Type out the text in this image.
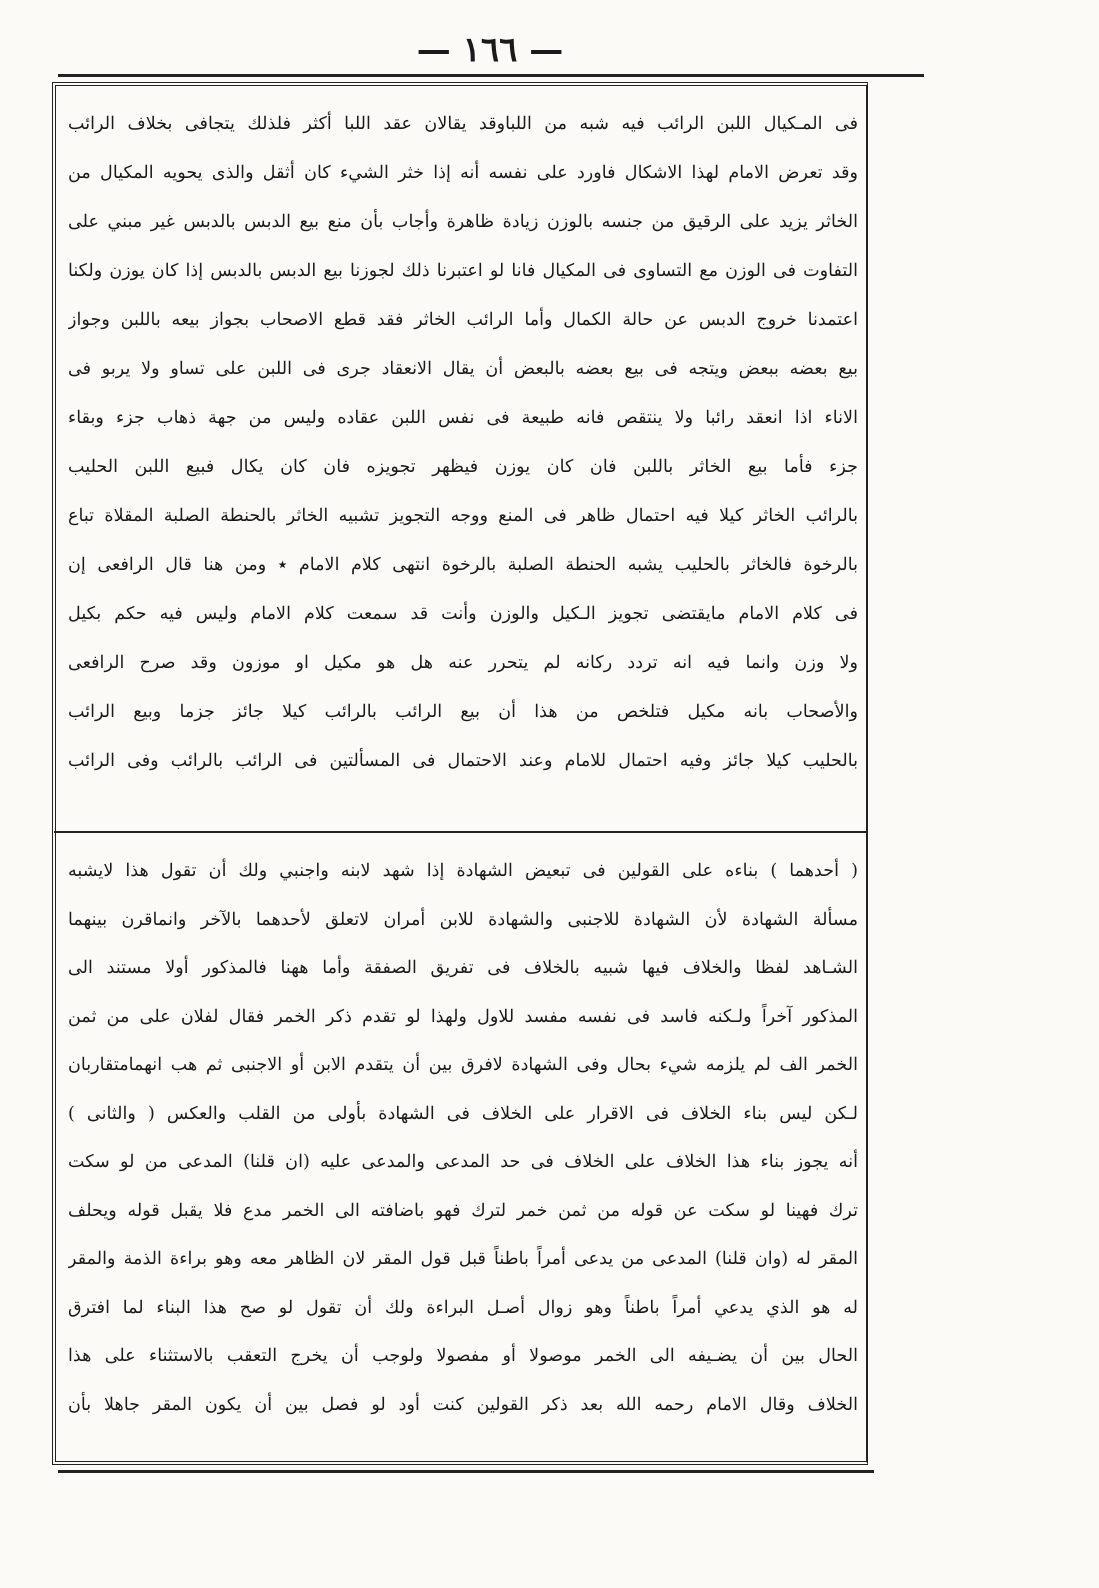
— ١٦٦ —
فى المـكيال اللبن الرائب فيه شبه من اللباوقد يقالان عقد اللبا أكثر فلذلك يتجافى بخلاف الرائب
وقد تعرض الامام لهذا الاشكال فاورد على نفسه أنه إذا خثر الشيء كان أثقل والذى يحويه المكيال من
الخاثر يزيد على الرقيق من جنسه بالوزن زيادة ظاهرة وأجاب بأن منع بيع الدبس بالدبس غير مبني على
التفاوت فى الوزن مع التساوى فى المكيال فانا لو اعتبرنا ذلك لجوزنا بيع الدبس بالدبس إذا كان يوزن ولكنا
اعتمدنا خروج الدبس عن حالة الكمال وأما الرائب الخاثر فقد قطع الاصحاب بجواز بيعه باللبن وجواز
بيع بعضه ببعض ويتجه فى بيع بعضه بالبعض أن يقال الانعقاد جرى فى اللبن على تساو ولا يربو فى
الاناء اذا انعقد رائبا ولا ينتقص فانه طبيعة فى نفس اللبن عقاده وليس من جهة ذهاب جزء وبقاء
جزء فأما بيع الخاثر باللبن فان كان يوزن فيظهر تجويزه فان كان يكال فبيع اللبن الحليب
بالرائب الخاثر كيلا فيه احتمال ظاهر فى المنع ووجه التجويز تشبيه الخاثر بالحنطة الصلبة المقلاة تباع
بالرخوة فالخاثر بالحليب يشبه الحنطة الصلبة بالرخوة انتهى كلام الامام ٭ ومن هنا قال الرافعى إن
فى كلام الامام مايقتضى تجويز الـكيل والوزن وأنت قد سمعت كلام الامام وليس فيه حكم بكيل
ولا وزن وانما فيه انه تردد ركانه لم يتحرر عنه هل هو مكيل او موزون وقد صرح الرافعى
والأصحاب بانه مكيل فتلخص من هذا أن بيع الرائب بالرائب كيلا جائز جزما وبيع الرائب
بالحليب كيلا جائز وفيه احتمال للامام وعند الاحتمال فى المسألتين فى الرائب بالرائب وفى الرائب
( أحدهما ) بناءه على القولين فى تبعيض الشهادة إذا شهد لابنه واجنبي ولك أن تقول هذا لايشبه
مسألة الشهادة لأن الشهادة للاجنبى والشهادة للابن أمران لاتعلق لأحدهما بالآخر وانماقرن بينهما
الشـاهد لفظا والخلاف فيها شبيه بالخلاف فى تفريق الصفقة وأما ههنا فالمذكور أولا مستند الى
المذكور آخراً ولـكنه فاسد فى نفسه مفسد للاول ولهذا لو تقدم ذكر الخمر فقال لفلان على من ثمن
الخمر الف لم يلزمه شيء بحال وفى الشهادة لافرق بين أن يتقدم الابن أو الاجنبى ثم هب انهمامتقاربان
لـكن ليس بناء الخلاف فى الاقرار على الخلاف فى الشهادة بأولى من القلب والعكس ( والثانى )
أنه يجوز بناء هذا الخلاف على الخلاف فى حد المدعى والمدعى عليه (ان قلنا) المدعى من لو سكت
ترك فهينا لو سكت عن قوله من ثمن خمر لترك فهو باضافته الى الخمر مدع فلا يقبل قوله ويحلف
المقر له (وان قلنا) المدعى من يدعى أمراً باطناً قبل قول المقر لان الظاهر معه وهو براءة الذمة والمقر
له هو الذي يدعي أمراً باطناً وهو زوال أصـل البراءة ولك أن تقول لو صح هذا البناء لما افترق
الحال بين أن يضـيفه الى الخمر موصولا أو مفصولا ولوجب أن يخرج التعقب بالاستثناء على هذا
الخلاف وقال الامام رحمه الله بعد ذكر القولين كنت أود لو فصل بين أن يكون المقر جاهلا بأن
